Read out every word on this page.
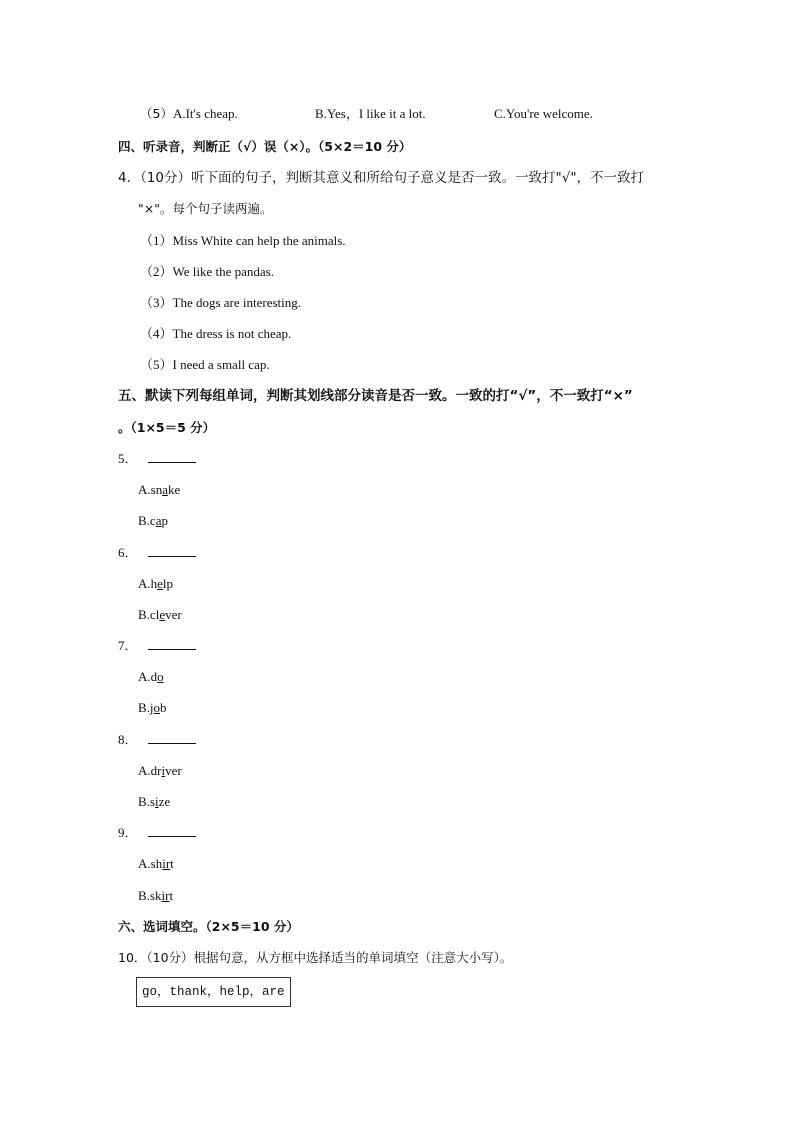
（5）A.It's cheap.	B.Yes，I like it a lot.	C.You're welcome.
四、听录音，判断正（√）误（×）。（5×2＝10 分）
4．（10分）听下面的句子，判断其意义和所给句子意义是否一致。一致打"√"，不一致打
"×"。每个句子读两遍。
（1）Miss White can help the animals.
（2）We like the pandas.
（3）The dogs are interesting.
（4）The dress is not cheap.
（5）I need a small cap.
五、默读下列每组单词，判断其划线部分读音是否一致。一致的打“√”，不一致打“×”
。（1×5＝5 分）
5．
A.snake
B.cap
6．
A.help
B.clever
7．
A.do
B.job
8．
A.driver
B.size
9．
A.shirt
B.skirt
六、选词填空。（2×5＝10 分）
10．（10分）根据句意，从方框中选择适当的单词填空（注意大小写）。
go，thank，help，are
